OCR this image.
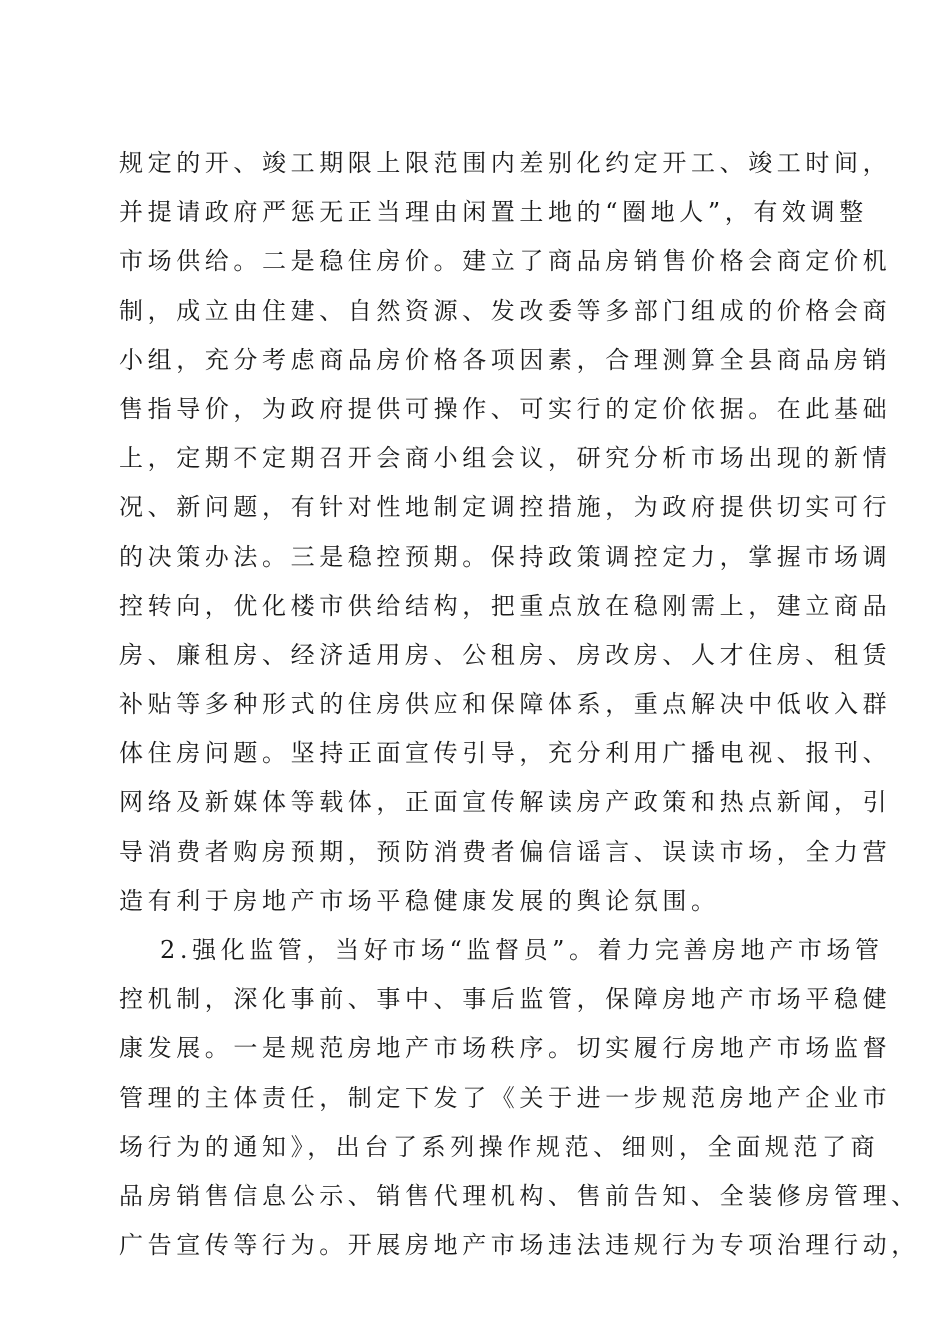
规定的开、竣工期限上限范围内差别化约定开工、竣工时间，
并提请政府严惩无正当理由闲置土地的“圈地人”，有效调整
市场供给。二是稳住房价。建立了商品房销售价格会商定价机
制，成立由住建、自然资源、发改委等多部门组成的价格会商
小组，充分考虑商品房价格各项因素，合理测算全县商品房销
售指导价，为政府提供可操作、可实行的定价依据。在此基础
上，定期不定期召开会商小组会议，研究分析市场出现的新情
况、新问题，有针对性地制定调控措施，为政府提供切实可行
的决策办法。三是稳控预期。保持政策调控定力，掌握市场调
控转向，优化楼市供给结构，把重点放在稳刚需上，建立商品
房、廉租房、经济适用房、公租房、房改房、人才住房、租赁
补贴等多种形式的住房供应和保障体系，重点解决中低收入群
体住房问题。坚持正面宣传引导，充分利用广播电视、报刊、
网络及新媒体等载体，正面宣传解读房产政策和热点新闻，引
导消费者购房预期，预防消费者偏信谣言、误读市场，全力营
造有利于房地产市场平稳健康发展的舆论氛围。
2.强化监管，当好市场“监督员”。着力完善房地产市场管
控机制，深化事前、事中、事后监管，保障房地产市场平稳健
康发展。一是规范房地产市场秩序。切实履行房地产市场监督
管理的主体责任，制定下发了《关于进一步规范房地产企业市
场行为的通知》，出台了系列操作规范、细则，全面规范了商
品房销售信息公示、销售代理机构、售前告知、全装修房管理、
广告宣传等行为。开展房地产市场违法违规行为专项治理行动，
